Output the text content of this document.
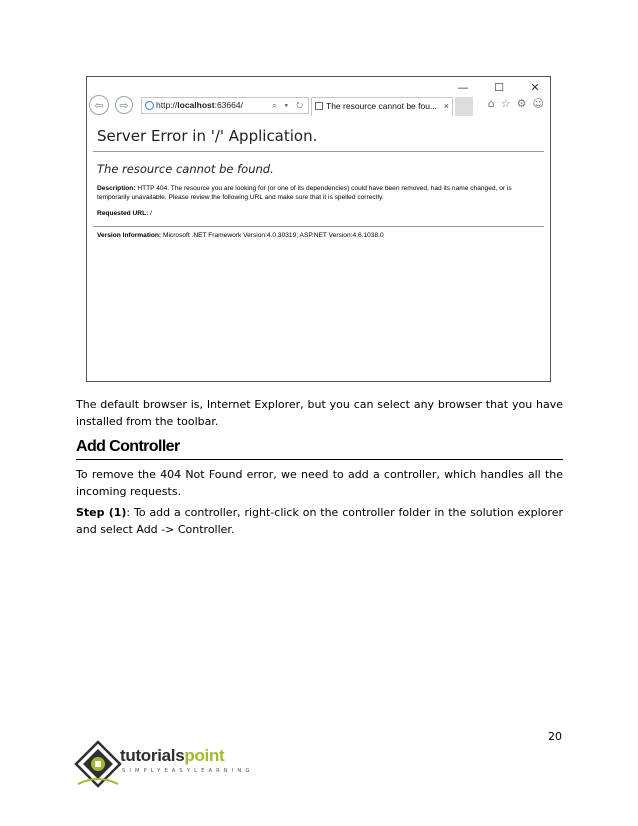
— ☐ ✕
⇦	⇨	http://localhost:63664/	⌕ ▾ ↻	The resource cannot be fou... ×	⌂ ☆ ⚙ ☺
Server Error in '/' Application.
The resource cannot be found.
Description: HTTP 404. The resource you are looking for (or one of its dependencies) could have been removed, had its name changed, or is temporarily unavailable. Please review the following URL and make sure that it is spelled correctly.
Requested URL: /
Version Information: Microsoft .NET Framework Version:4.0.30319; ASP.NET Version:4.6.1038.0
The default browser is, Internet Explorer, but you can select any browser that you have installed from the toolbar.
Add Controller
To remove the 404 Not Found error, we need to add a controller, which handles all the incoming requests.
Step (1): To add a controller, right-click on the controller folder in the solution explorer and select Add -> Controller.
20
tutorialspoint
SIMPLYEASYLEARNING
